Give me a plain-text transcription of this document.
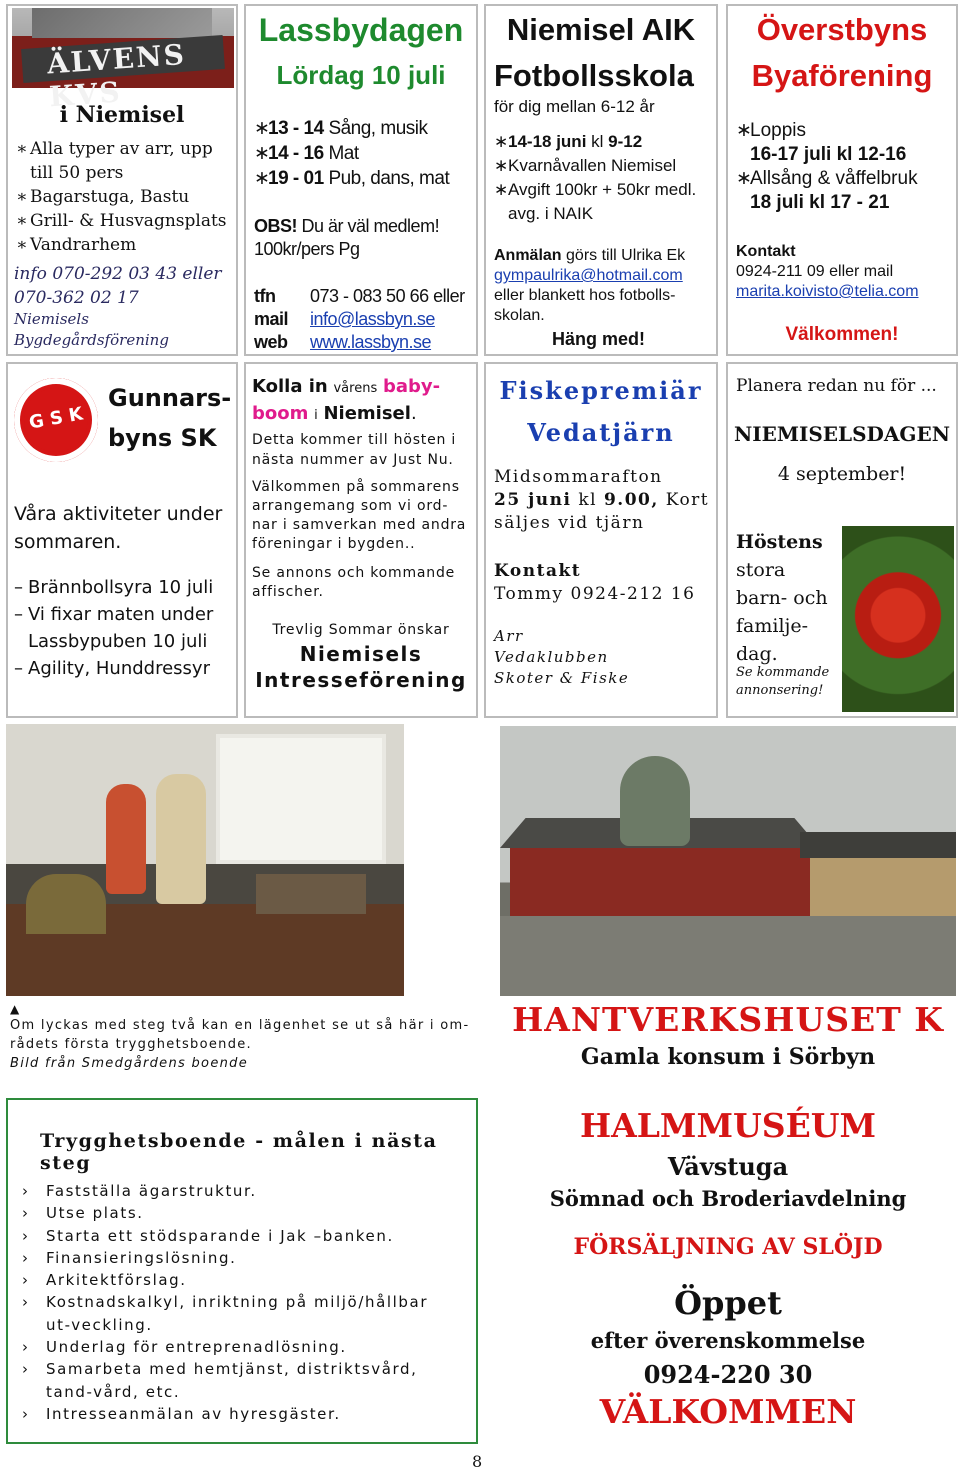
ÄLVENS KVS
i Niemisel
∗ Alla typer av arr, upp till 50 pers
∗ Bagarstuga, Bastu
∗ Grill- & Husvagnsplats
∗ Vandrarhem
info 070-292 03 43 eller
070-362 02 17
Niemisels
Bygdegårdsförening
Lassbydagen
Lördag 10 juli
∗ 13 - 14 Sång, musik
∗ 14 - 16 Mat
∗ 19 - 01 Pub, dans, mat
OBS! Du är väl medlem!
100kr/pers Pg
tfn 073 - 083 50 66 eller
mail info@lassbyn.se
web www.lassbyn.se
Niemisel AIK
Fotbollsskola
för dig mellan 6-12 år
∗ 14-18 juni kl 9-12
∗ Kvarnåvallen Niemisel
∗ Avgift 100kr + 50kr medl. avg. i NAIK
Anmälan görs till Ulrika Ek
gympaulrika@hotmail.com
eller blankett hos fotbolls-skolan.
Häng med!
Överstbyns
Byaförening
∗ Loppis
16-17 juli kl 12-16
∗ Allsång & våffelbruk
18 juli kl 17 - 21
Kontakt
0924-211 09 eller mail
marita.koivisto@telia.com
Välkommen!
G S K
Gunnars-
byns SK
Våra aktiviteter under sommaren.
– Brännbollsyra 10 juli
– Vi fixar maten under Lassbypuben 10 juli
– Agility, Hunddressyr
Kolla in vårens baby-
boom i Niemisel.
Detta kommer till hösten i nästa nummer av Just Nu.
Välkommen på sommarens arrangemang som vi ord-nar i samverkan med andra föreningar i bygden..
Se annons och kommande affischer.
Trevlig Sommar önskar
Niemisels
Intresseförening
Fiskepremiär
Vedatjärn
Midsommarafton
25 juni kl 9.00, Kort säljes vid tjärn
Kontakt
Tommy 0924-212 16
Arr
Vedaklubben
Skoter & Fiske
Planera redan nu för ...
NIEMISELSDAGEN
4 september!
Höstens
stora barn- och familje-dag.
Se kommande annonsering!
▲
Om lyckas med steg två kan en lägenhet se ut så här i om-rådets första trygghetsboende.
Bild från Smedgårdens boende
Trygghetsboende - målen i nästa steg
› Fastställa ägarstruktur.
› Utse plats.
› Starta ett stödsparande i Jak –banken.
› Finansieringslösning.
› Arkitektförslag.
› Kostnadskalkyl, inriktning på miljö/hållbar ut-veckling.
› Underlag för entreprenadlösning.
› Samarbeta med hemtjänst, distriktsvård, tand-vård, etc.
› Intresseanmälan av hyresgäster.
HANTVERKSHUSET K
Gamla konsum i Sörbyn
HALMMUSÉUM
Vävstuga
Sömnad och Broderiavdelning
FÖRSÄLJNING AV SLÖJD
Öppet
efter överenskommelse
0924-220 30
VÄLKOMMEN
8
